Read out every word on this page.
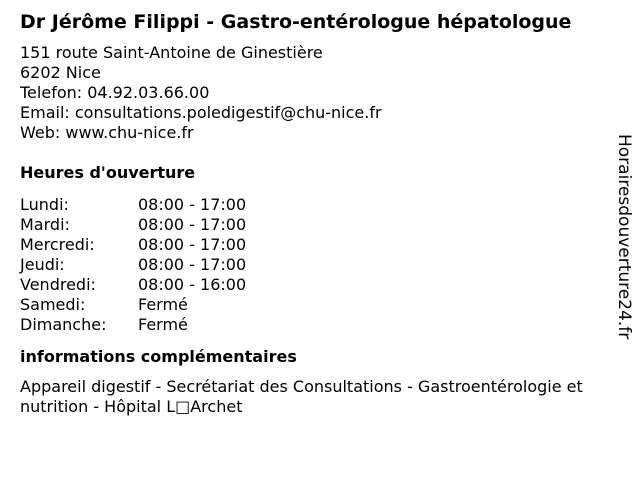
Dr Jérôme Filippi - Gastro-entérologue hépatologue
151 route Saint-Antoine de Ginestière
6202 Nice
Telefon: 04.92.03.66.00
Email: consultations.poledigestif@chu-nice.fr
Web: www.chu-nice.fr
Heures d'ouverture
Lundi:	08:00 - 17:00
Mardi:	08:00 - 17:00
Mercredi:	08:00 - 17:00
Jeudi:	08:00 - 17:00
Vendredi:	08:00 - 16:00
Samedi:	Fermé
Dimanche:	Fermé
informations complémentaires
Appareil digestif - Secrétariat des Consultations - Gastroentérologie et nutrition - Hôpital L□Archet
Horairesdouverture24.fr
